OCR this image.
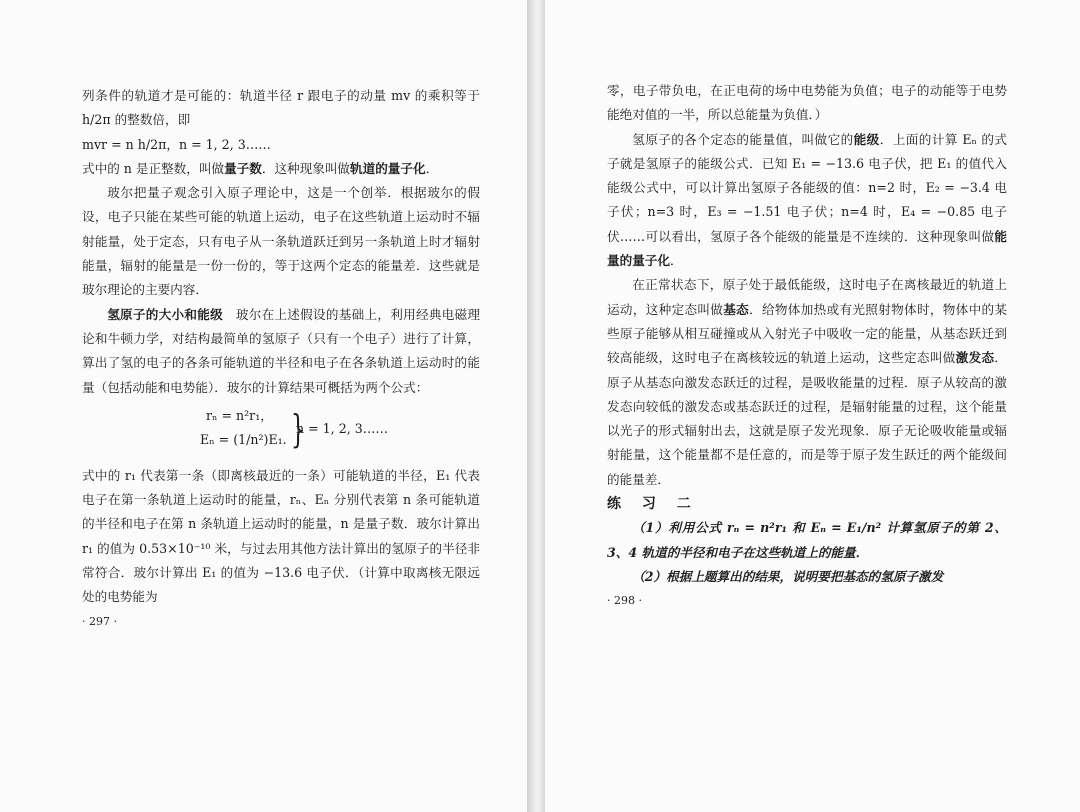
列条件的轨道才是可能的：轨道半径 r 跟电子的动量 mv 的乘积等于 h/2π 的整数倍，即

mvr = n h/2π，n = 1, 2, 3……

式中的 n 是正整数，叫做量子数．这种现象叫做轨道的量子化．

玻尔把量子观念引入原子理论中，这是一个创举．根据玻尔的假设，电子只能在某些可能的轨道上运动，电子在这些轨道上运动时不辐射能量，处于定态，只有电子从一条轨道跃迁到另一条轨道上时才辐射能量，辐射的能量是一份一份的，等于这两个定态的能量差．这些就是玻尔理论的主要内容．

氢原子的大小和能级　玻尔在上述假设的基础上，利用经典电磁理论和牛顿力学，对结构最简单的氢原子（只有一个电子）进行了计算，算出了氢的电子的各条可能轨道的半径和电子在各条轨道上运动时的能量（包括动能和电势能）．玻尔的计算结果可概括为两个公式：

rₙ = n²r₁，
Eₙ = (1/n²)E₁. }
n = 1, 2, 3……

式中的 r₁ 代表第一条（即离核最近的一条）可能轨道的半径，E₁ 代表电子在第一条轨道上运动时的能量，rₙ、Eₙ 分别代表第 n 条可能轨道的半径和电子在第 n 条轨道上运动时的能量，n 是量子数．玻尔计算出 r₁ 的值为 0.53×10⁻¹⁰ 米，与过去用其他方法计算出的氢原子的半径非常符合．玻尔计算出 E₁ 的值为 −13.6 电子伏．（计算中取离核无限远处的电势能为

· 297 ·

零，电子带负电，在正电荷的场中电势能为负值；电子的动能等于电势能绝对值的一半，所以总能量为负值．）

氢原子的各个定态的能量值，叫做它的能级．上面的计算 Eₙ 的式子就是氢原子的能级公式．已知 E₁ = −13.6 电子伏，把 E₁ 的值代入能级公式中，可以计算出氢原子各能级的值：n=2 时，E₂ = −3.4 电子伏；n=3 时，E₃ = −1.51 电子伏；n=4 时，E₄ = −0.85 电子伏……可以看出，氢原子各个能级的能量是不连续的．这种现象叫做能量的量子化．

在正常状态下，原子处于最低能级，这时电子在离核最近的轨道上运动，这种定态叫做基态．给物体加热或有光照射物体时，物体中的某些原子能够从相互碰撞或从入射光子中吸收一定的能量，从基态跃迁到较高能级，这时电子在离核较远的轨道上运动，这些定态叫做激发态．原子从基态向激发态跃迁的过程，是吸收能量的过程．原子从较高的激发态向较低的激发态或基态跃迁的过程，是辐射能量的过程，这个能量以光子的形式辐射出去，这就是原子发光现象．原子无论吸收能量或辐射能量，这个能量都不是任意的，而是等于原子发生跃迁的两个能级间的能量差．

练 习 二

（1）利用公式 rₙ = n²r₁ 和 Eₙ = E₁/n² 计算氢原子的第 2、3、4 轨道的半径和电子在这些轨道上的能量．

（2）根据上题算出的结果，说明要把基态的氢原子激发

· 298 ·
